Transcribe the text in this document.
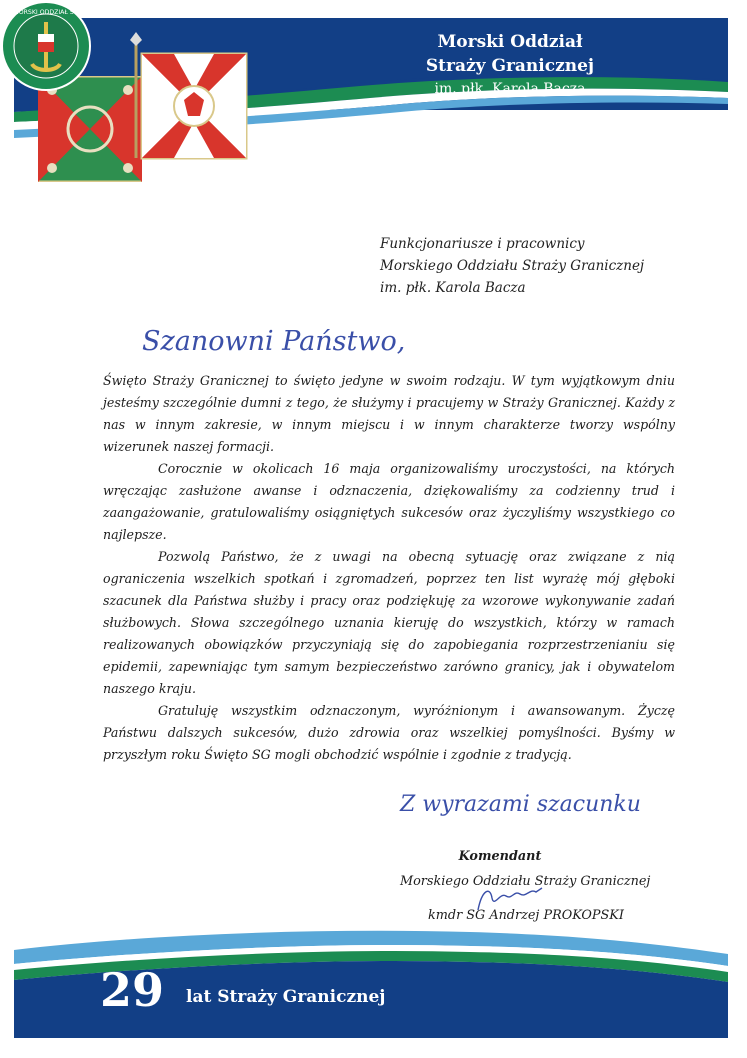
Morski Oddział
Straży Granicznej
im. płk. Karola Bacza
MORSKI ODDZIAŁ SG
Funkcjonariusze i pracownicy
Morskiego Oddziału Straży Granicznej
im. płk. Karola Bacza
Szanowni Państwo,

Święto Straży Granicznej to święto jedyne w swoim rodzaju. W tym wyjątkowym dniu jesteśmy szczególnie dumni z tego, że służymy i pracujemy w Straży Granicznej. Każdy z nas w innym zakresie, w innym miejscu i w innym charakterze tworzy wspólny wizerunek naszej formacji.

Corocznie w okolicach 16 maja organizowaliśmy uroczystości, na których wręczając zasłużone awanse i odznaczenia, dziękowaliśmy za codzienny trud i zaangażowanie, gratulowaliśmy osiągniętych sukcesów oraz życzyliśmy wszystkiego co najlepsze.

Pozwolą Państwo, że z uwagi na obecną sytuację oraz związane z nią ograniczenia wszelkich spotkań i zgromadzeń, poprzez ten list wyrażę mój głęboki szacunek dla Państwa służby i pracy oraz podziękuję za wzorowe wykonywanie zadań służbowych. Słowa szczególnego uznania kieruję do wszystkich, którzy w ramach realizowanych obowiązków przyczyniają się do zapobiegania rozprzestrzenianiu się epidemii, zapewniając tym samym bezpieczeństwo zarówno granicy, jak i obywatelom naszego kraju.

Gratuluję wszystkim odznaczonym, wyróżnionym i awansowanym. Życzę Państwu dalszych sukcesów, dużo zdrowia oraz wszelkiej pomyślności. Byśmy w przyszłym roku Święto SG mogli obchodzić wspólnie i zgodnie z tradycją.

Z wyrazami szacunku
Komendant
Morskiego Oddziału Straży Granicznej
kmdr SG Andrzej PROKOPSKI
29 lat Straży Granicznej
